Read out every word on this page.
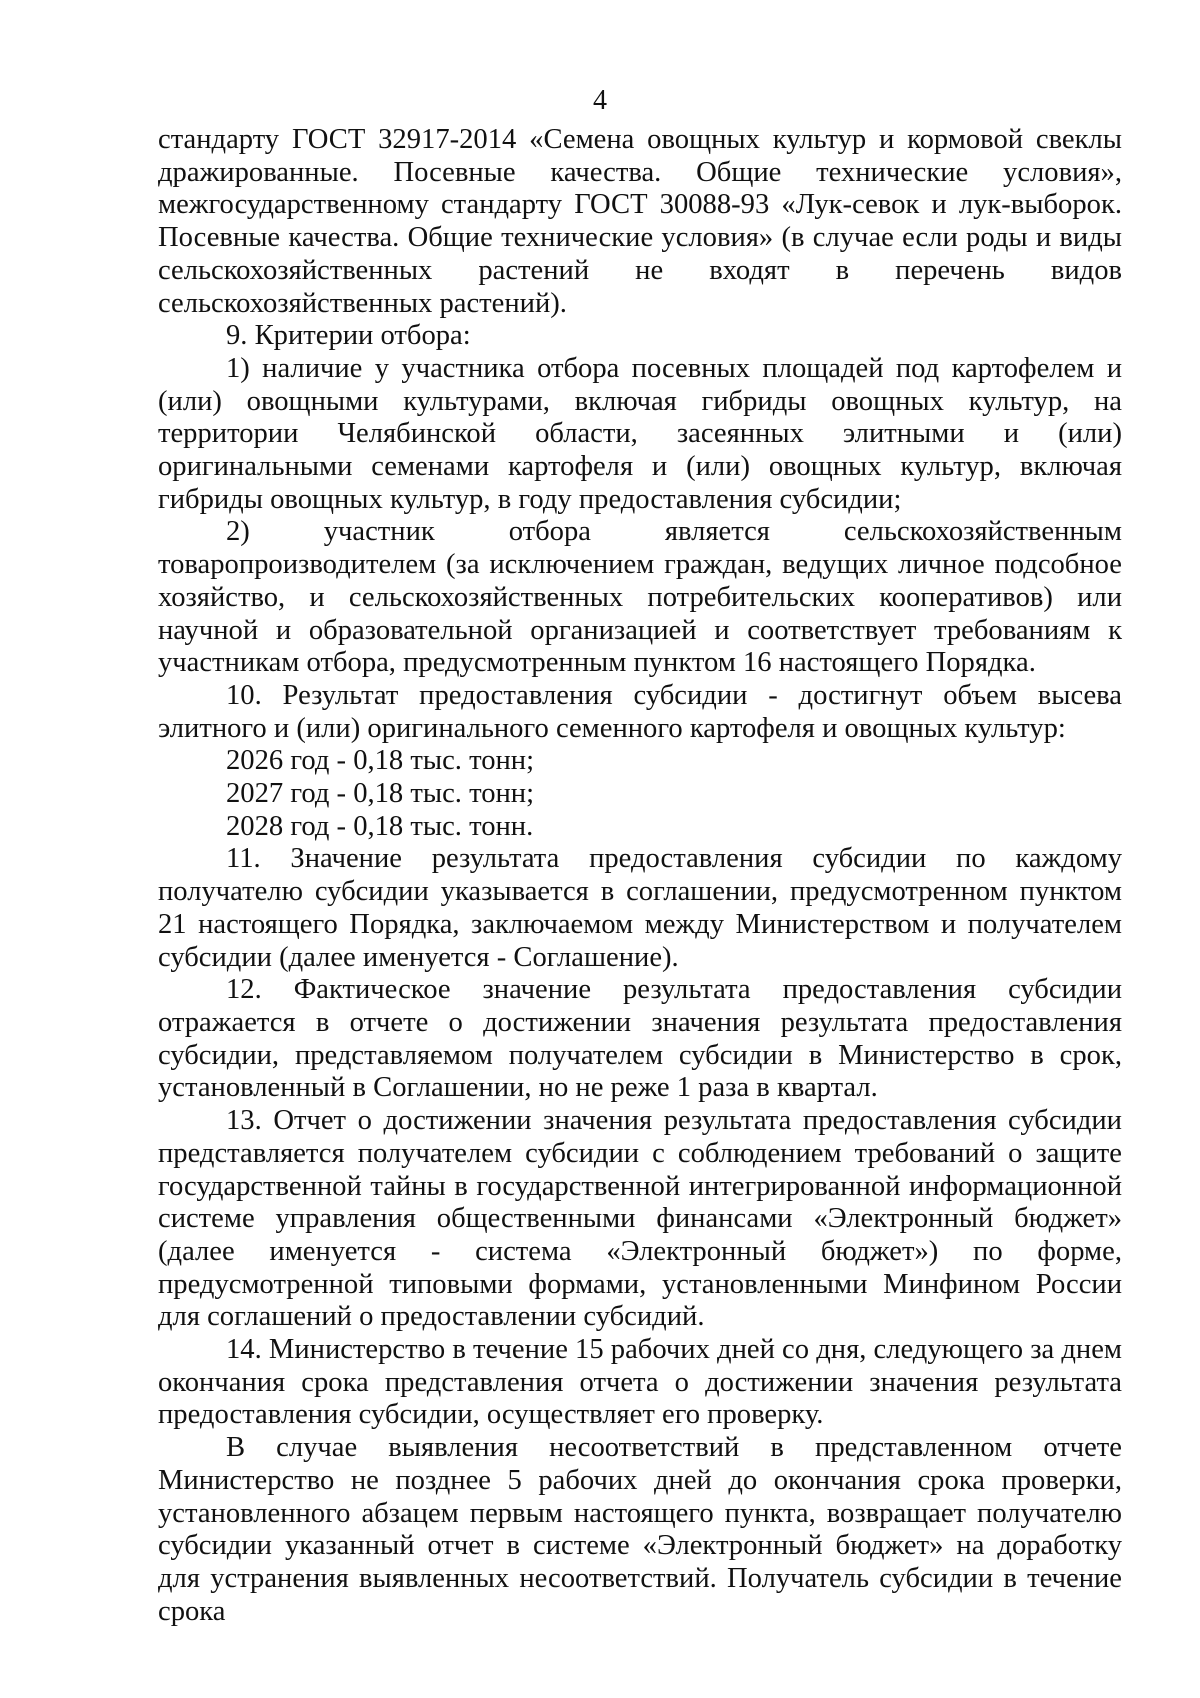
4

стандарту ГОСТ 32917-2014 «Семена овощных культур и кормовой свеклы дражированные. Посевные качества. Общие технические условия», межгосударственному стандарту ГОСТ 30088-93 «Лук-севок и лук-выборок. Посевные качества. Общие технические условия» (в случае если роды и виды сельскохозяйственных растений не входят в перечень видов сельскохозяйственных растений).

9. Критерии отбора:

1) наличие у участника отбора посевных площадей под картофелем и (или) овощными культурами, включая гибриды овощных культур, на территории Челябинской области, засеянных элитными и (или) оригинальными семенами картофеля и (или) овощных культур, включая гибриды овощных культур, в году предоставления субсидии;

2) участник отбора является сельскохозяйственным товаропроизводителем (за исключением граждан, ведущих личное подсобное хозяйство, и сельскохозяйственных потребительских кооперативов) или научной и образовательной организацией и соответствует требованиям к участникам отбора, предусмотренным пунктом 16 настоящего Порядка.

10. Результат предоставления субсидии - достигнут объем высева элитного и (или) оригинального семенного картофеля и овощных культур:

2026 год - 0,18 тыс. тонн;

2027 год - 0,18 тыс. тонн;

2028 год - 0,18 тыс. тонн.

11. Значение результата предоставления субсидии по каждому получателю субсидии указывается в соглашении, предусмотренном пунктом 21 настоящего Порядка, заключаемом между Министерством и получателем субсидии (далее именуется - Соглашение).

12. Фактическое значение результата предоставления субсидии отражается в отчете о достижении значения результата предоставления субсидии, представляемом получателем субсидии в Министерство в срок, установленный в Соглашении, но не реже 1 раза в квартал.

13. Отчет о достижении значения результата предоставления субсидии представляется получателем субсидии с соблюдением требований о защите государственной тайны в государственной интегрированной информационной системе управления общественными финансами «Электронный бюджет» (далее именуется - система «Электронный бюджет») по форме, предусмотренной типовыми формами, установленными Минфином России для соглашений о предоставлении субсидий.

14. Министерство в течение 15 рабочих дней со дня, следующего за днем окончания срока представления отчета о достижении значения результата предоставления субсидии, осуществляет его проверку.

В случае выявления несоответствий в представленном отчете Министерство не позднее 5 рабочих дней до окончания срока проверки, установленного абзацем первым настоящего пункта, возвращает получателю субсидии указанный отчет в системе «Электронный бюджет» на доработку для устранения выявленных несоответствий. Получатель субсидии в течение срока
